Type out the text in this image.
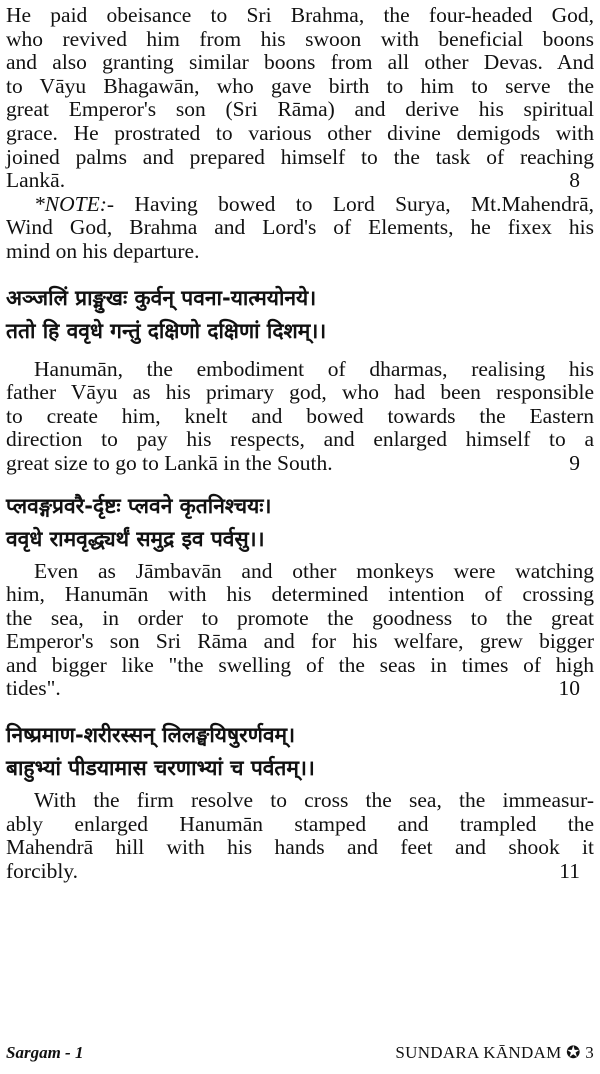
He paid obeisance to Sri Brahma, the four-headed God,
who revived him from his swoon with beneficial boons
and also granting similar boons from all other Devas. And
to Vāyu Bhagawān, who gave birth to him to serve the
great Emperor's son (Sri Rāma) and derive his spiritual
grace. He prostrated to various other divine demigods with
joined palms and prepared himself to the task of reaching
Lankā.	8
*NOTE:- Having bowed to Lord Surya, Mt.Mahendrā,
Wind God, Brahma and Lord's of Elements, he fixex his
mind on his departure.

अञ्जलिं प्राङ्मुखः कुर्वन् पवना-यात्मयोनये।

ततो हि ववृधे गन्तुं दक्षिणो दक्षिणां दिशम्।।

Hanumān, the embodiment of dharmas, realising his
father Vāyu as his primary god, who had been responsible
to create him, knelt and bowed towards the Eastern
direction to pay his respects, and enlarged himself to a
great size to go to Lankā in the South.	9

प्लवङ्गप्रवरै-र्दृष्टः प्लवने कृतनिश्चयः।

ववृधे रामवृद्ध्यर्थं समुद्र इव पर्वसु।।

Even as Jāmbavān and other monkeys were watching
him, Hanumān with his determined intention of crossing
the sea, in order to promote the goodness to the great
Emperor's son Sri Rāma and for his welfare, grew bigger
and bigger like "the swelling of the seas in times of high
tides".	10

निष्प्रमाण-शरीरस्सन् लिलङ्घयिषुरर्णवम्।

बाहुभ्यां पीडयामास चरणाभ्यां च पर्वतम्।।

With the firm resolve to cross the sea, the immeasur-
ably enlarged Hanumān stamped and trampled the
Mahendrā hill with his hands and feet and shook it
forcibly.	11
Sargam - 1	SUNDARA KĀNDAM ✪ 3
